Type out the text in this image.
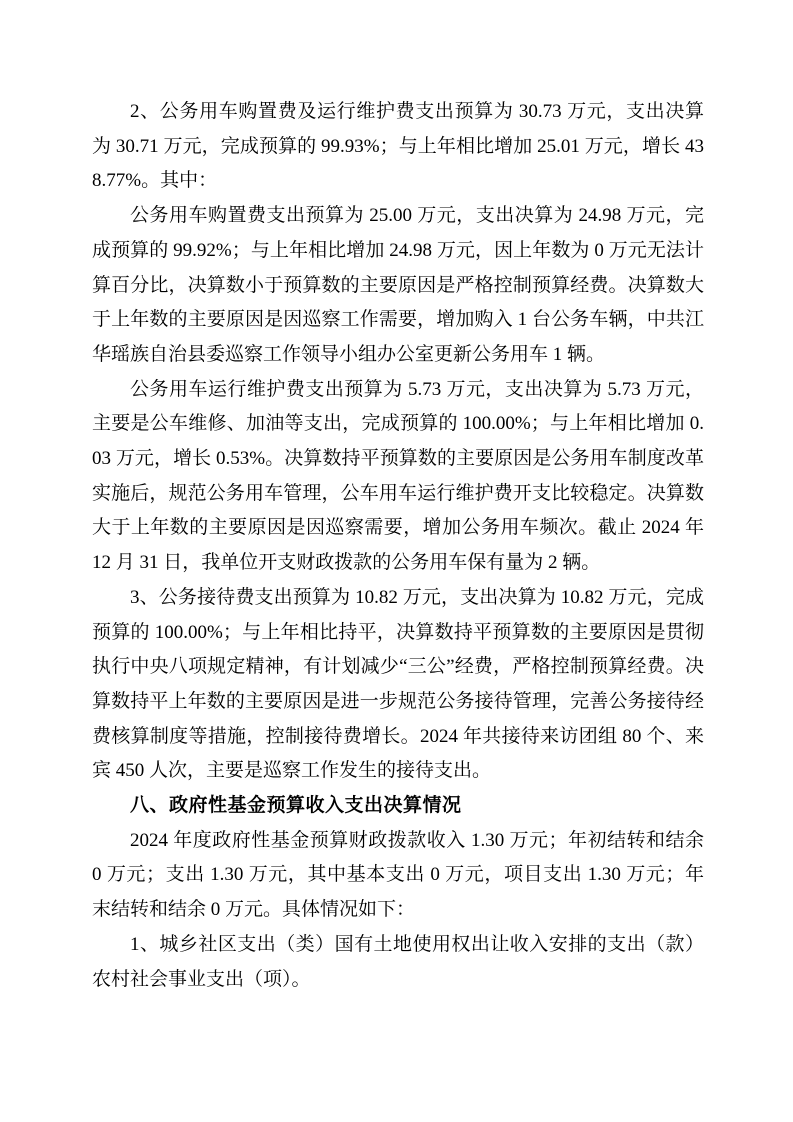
2、公务用车购置费及运行维护费支出预算为 30.73 万元，支出决算为 30.71 万元，完成预算的 99.93%；与上年相比增加 25.01 万元，增长 438.77%。其中：

公务用车购置费支出预算为 25.00 万元，支出决算为 24.98 万元，完成预算的 99.92%；与上年相比增加 24.98 万元，因上年数为 0 万元无法计算百分比，决算数小于预算数的主要原因是严格控制预算经费。决算数大于上年数的主要原因是因巡察工作需要，增加购入 1 台公务车辆，中共江华瑶族自治县委巡察工作领导小组办公室更新公务用车 1 辆。

公务用车运行维护费支出预算为 5.73 万元，支出决算为 5.73 万元，主要是公车维修、加油等支出，完成预算的 100.00%；与上年相比增加 0.03 万元，增长 0.53%。决算数持平预算数的主要原因是公务用车制度改革实施后，规范公务用车管理，公车用车运行维护费开支比较稳定。决算数大于上年数的主要原因是因巡察需要，增加公务用车频次。截止 2024 年 12 月 31 日，我单位开支财政拨款的公务用车保有量为 2 辆。

3、公务接待费支出预算为 10.82 万元，支出决算为 10.82 万元，完成预算的 100.00%；与上年相比持平，决算数持平预算数的主要原因是贯彻执行中央八项规定精神，有计划减少“三公”经费，严格控制预算经费。决算数持平上年数的主要原因是进一步规范公务接待管理，完善公务接待经费核算制度等措施，控制接待费增长。2024 年共接待来访团组 80 个、来宾 450 人次，主要是巡察工作发生的接待支出。

八、政府性基金预算收入支出决算情况

2024 年度政府性基金预算财政拨款收入 1.30 万元；年初结转和结余 0 万元；支出 1.30 万元，其中基本支出 0 万元，项目支出 1.30 万元；年末结转和结余 0 万元。具体情况如下：

1、城乡社区支出（类）国有土地使用权出让收入安排的支出（款）农村社会事业支出（项）。
